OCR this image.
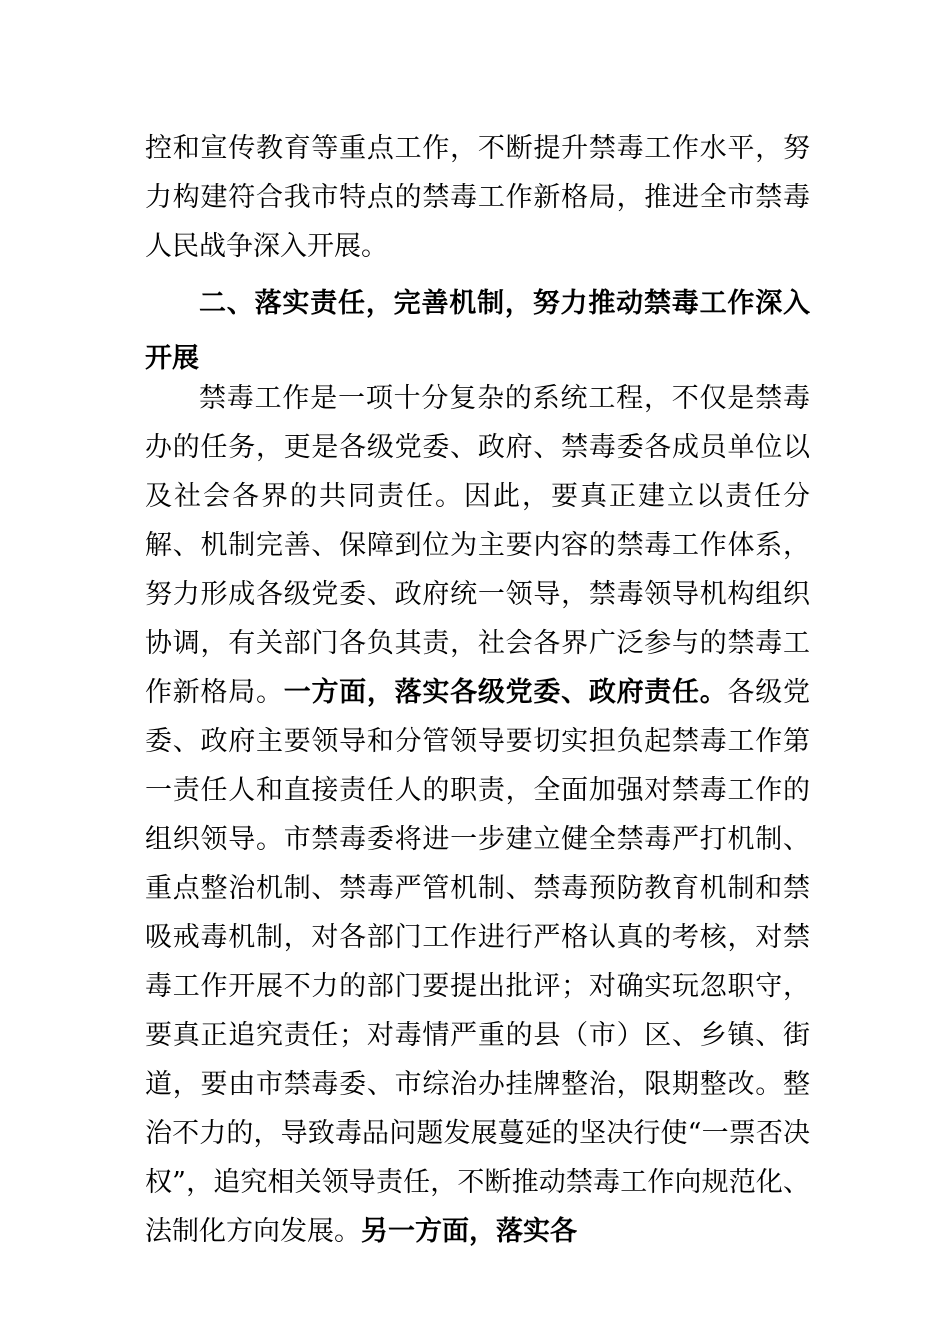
控和宣传教育等重点工作，不断提升禁毒工作水平，努力构建符合我市特点的禁毒工作新格局，推进全市禁毒人民战争深入开展。
二、落实责任，完善机制，努力推动禁毒工作深入开展
禁毒工作是一项十分复杂的系统工程，不仅是禁毒办的任务，更是各级党委、政府、禁毒委各成员单位以及社会各界的共同责任。因此，要真正建立以责任分解、机制完善、保障到位为主要内容的禁毒工作体系，努力形成各级党委、政府统一领导，禁毒领导机构组织协调，有关部门各负其责，社会各界广泛参与的禁毒工作新格局。一方面，落实各级党委、政府责任。各级党委、政府主要领导和分管领导要切实担负起禁毒工作第一责任人和直接责任人的职责，全面加强对禁毒工作的组织领导。市禁毒委将进一步建立健全禁毒严打机制、重点整治机制、禁毒严管机制、禁毒预防教育机制和禁吸戒毒机制，对各部门工作进行严格认真的考核，对禁毒工作开展不力的部门要提出批评；对确实玩忽职守，要真正追究责任；对毒情严重的县（市）区、乡镇、街道，要由市禁毒委、市综治办挂牌整治，限期整改。整治不力的，导致毒品问题发展蔓延的坚决行使“一票否决权”，追究相关领导责任，不断推动禁毒工作向规范化、法制化方向发展。另一方面，落实各
